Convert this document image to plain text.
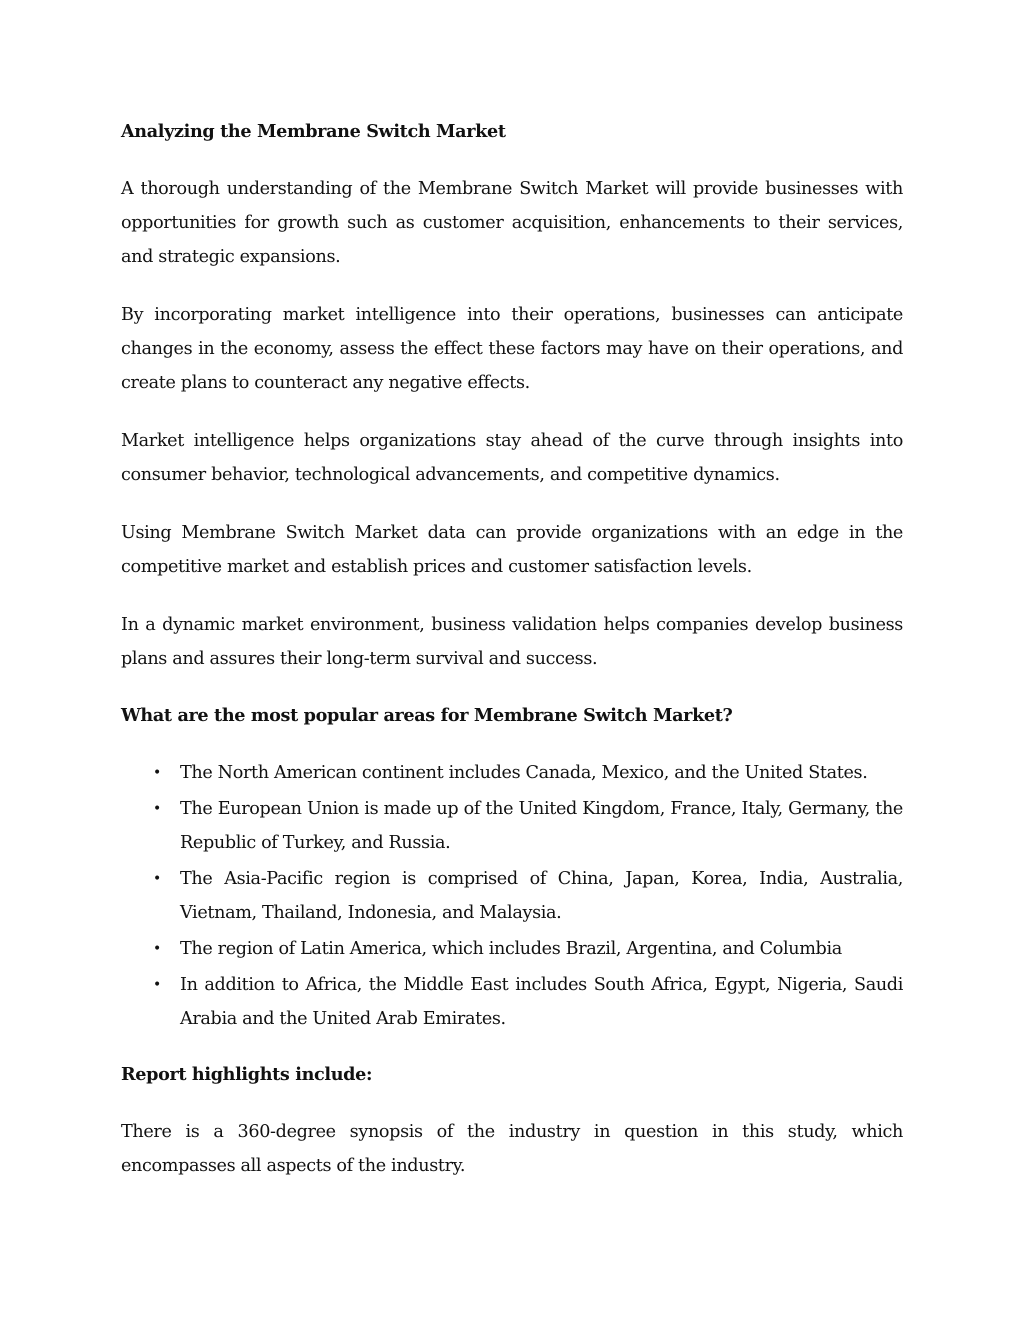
Analyzing the Membrane Switch Market

A thorough understanding of the Membrane Switch Market will provide businesses with opportunities for growth such as customer acquisition, enhancements to their services, and strategic expansions.

By incorporating market intelligence into their operations, businesses can anticipate changes in the economy, assess the effect these factors may have on their operations, and create plans to counteract any negative effects.

Market intelligence helps organizations stay ahead of the curve through insights into consumer behavior, technological advancements, and competitive dynamics.

Using Membrane Switch Market data can provide organizations with an edge in the competitive market and establish prices and customer satisfaction levels.

In a dynamic market environment, business validation helps companies develop business plans and assures their long-term survival and success.

What are the most popular areas for Membrane Switch Market?
• The North American continent includes Canada, Mexico, and the United States.
• The European Union is made up of the United Kingdom, France, Italy, Germany, the Republic of Turkey, and Russia.
• The Asia-Pacific region is comprised of China, Japan, Korea, India, Australia, Vietnam, Thailand, Indonesia, and Malaysia.
• The region of Latin America, which includes Brazil, Argentina, and Columbia
• In addition to Africa, the Middle East includes South Africa, Egypt, Nigeria, Saudi Arabia and the United Arab Emirates.
Report highlights include:

There is a 360-degree synopsis of the industry in question in this study, which encompasses all aspects of the industry.
